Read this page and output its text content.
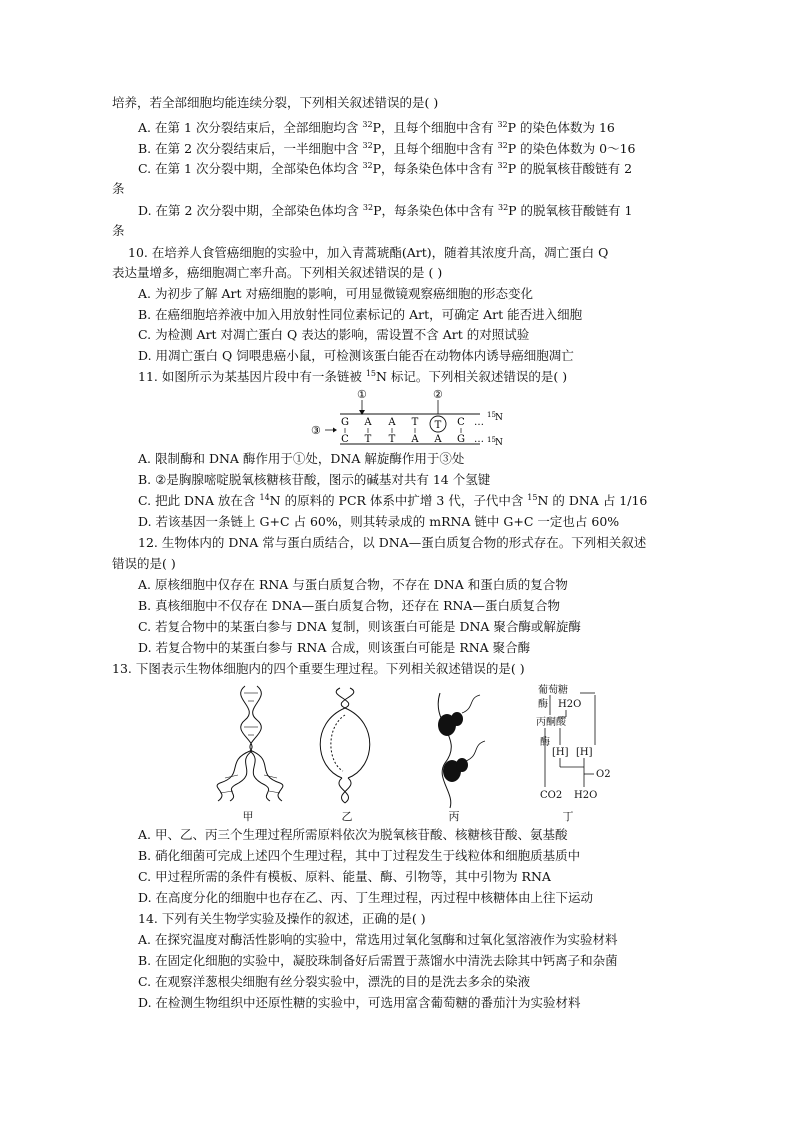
培养，若全部细胞均能连续分裂，下列相关叙述错误的是( )
A. 在第 1 次分裂结束后，全部细胞均含 $^{32}$P，且每个细胞中含有 $^{32}$P 的染色体数为 16
B. 在第 2 次分裂结束后，一半细胞中含 $^{32}$P，且每个细胞中含有 $^{32}$P 的染色体数为 0～16
C. 在第 1 次分裂中期，全部染色体均含 $^{32}$P，每条染色体中含有 $^{32}$P 的脱氧核苷酸链有 2
条
D. 在第 2 次分裂中期，全部染色体均含 $^{32}$P，每条染色体中含有 $^{32}$P 的脱氧核苷酸链有 1
条
10. 在培养人食管癌细胞的实验中，加入青蒿琥酯(Art)，随着其浓度升高，凋亡蛋白 Q
表达量增多，癌细胞凋亡率升高。下列相关叙述错误的是 ( )
A. 为初步了解 Art 对癌细胞的影响，可用显微镜观察癌细胞的形态变化
B. 在癌细胞培养液中加入用放射性同位素标记的 Art，可确定 Art 能否进入细胞
C. 为检测 Art 对凋亡蛋白 Q 表达的影响，需设置不含 Art 的对照试验
D. 用凋亡蛋白 Q 饲喂患癌小鼠，可检测该蛋白能否在动物体内诱导癌细胞凋亡
11. 如图所示为某基因片段中有一条链被 $^{15}$N 标记。下列相关叙述错误的是( )
①	②
③
G A A T T C …
C T T A A G …
15 N
15 N
A. 限制酶和 DNA 酶作用于①处，DNA 解旋酶作用于③处
B. ②是胸腺嘧啶脱氧核糖核苷酸，图示的碱基对共有 14 个氢键
C. 把此 DNA 放在含 $^{14}$N 的原料的 PCR 体系中扩增 3 代，子代中含 $^{15}$N 的 DNA 占 1/16
D. 若该基因一条链上 G+C 占 60%，则其转录成的 mRNA 链中 G+C 一定也占 60%
12. 生物体内的 DNA 常与蛋白质结合，以 DNA—蛋白质复合物的形式存在。下列相关叙述
错误的是( )
A. 原核细胞中仅存在 RNA 与蛋白质复合物，不存在 DNA 和蛋白质的复合物
B. 真核细胞中不仅存在 DNA—蛋白质复合物，还存在 RNA—蛋白质复合物
C. 若复合物中的某蛋白参与 DNA 复制，则该蛋白可能是 DNA 聚合酶或解旋酶
D. 若复合物中的某蛋白参与 RNA 合成，则该蛋白可能是 RNA 聚合酶
13. 下图表示生物体细胞内的四个重要生理过程。下列相关叙述错误的是( )
葡萄糖
酶 H2O
丙酮酸
酶
[H] [H]
O2
CO2 H2O
甲	乙	丙	丁
A. 甲、乙、丙三个生理过程所需原料依次为脱氧核苷酸、核糖核苷酸、氨基酸
B. 硝化细菌可完成上述四个生理过程，其中丁过程发生于线粒体和细胞质基质中
C. 甲过程所需的条件有模板、原料、能量、酶、引物等，其中引物为 RNA
D. 在高度分化的细胞中也存在乙、丙、丁生理过程，丙过程中核糖体由上往下运动
14. 下列有关生物学实验及操作的叙述，正确的是( )
A. 在探究温度对酶活性影响的实验中，常选用过氧化氢酶和过氧化氢溶液作为实验材料
B. 在固定化细胞的实验中，凝胶珠制备好后需置于蒸馏水中清洗去除其中钙离子和杂菌
C. 在观察洋葱根尖细胞有丝分裂实验中，漂洗的目的是洗去多余的染液
D. 在检测生物组织中还原性糖的实验中，可选用富含葡萄糖的番茄汁为实验材料
